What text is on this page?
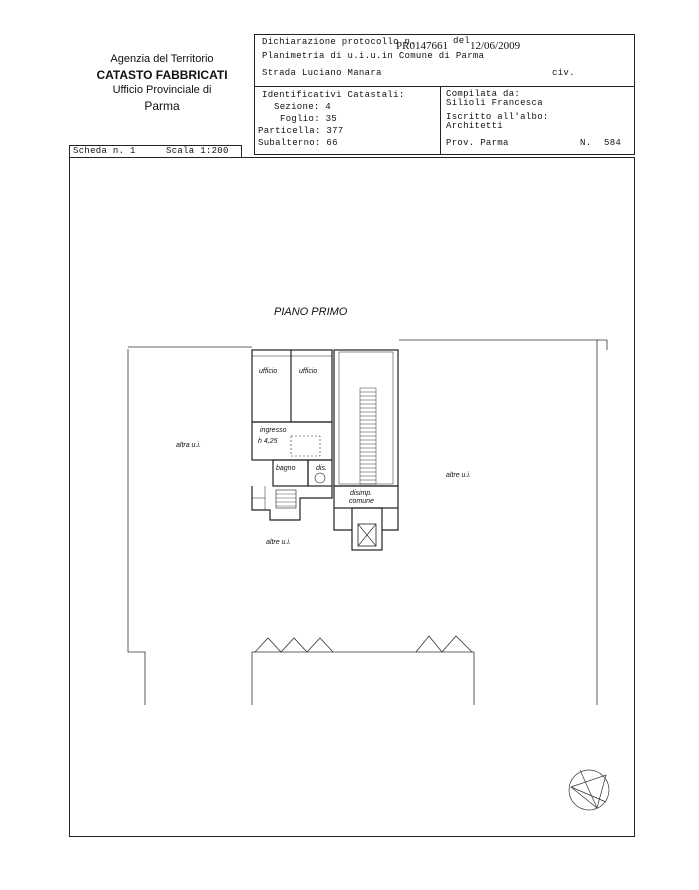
Agenzia del Territorio
CATASTO FABBRICATI
Ufficio Provinciale di
Parma
Dichiarazione protocollo n.
PR0147661 del 12/06/2009
Planimetria di u.i.u.in Comune di Parma
Strada Luciano Manara	civ.
Identificativi Catastali:
Sezione: 4
Foglio: 35
Particella: 377
Subalterno: 66
Compilata da:
Silioli Francesca
Iscritto all'albo:
Architetti
Prov. Parma	N. 584
Scheda n. 1	Scala 1:200
PIANO PRIMO
ufficio	ufficio
ingresso
h 4,25
bagno	dis.
disimp.
comune
altra u.i.
altre u.i.
altre u.i.
